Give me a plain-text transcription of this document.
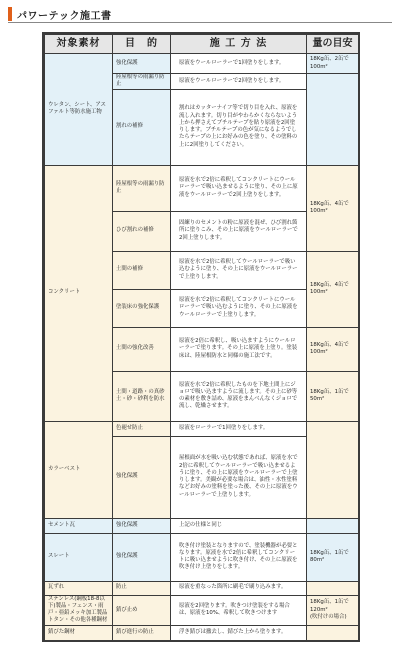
パワーテック施工書
対象素材	目　的	施 工 方 法	量の目安
ウレタン、シート、アスファルト等防水施工物	強化保護	原液をウールローラーで1回塗りをします。	18Kg缶、2缶で100m²
	陸屋根等の雨漏り防止	原液をウールローラーで2回塗りをします。	
	割れの補修	割れはカッターナイフ等で切り目を入れ、原液を流し入れます。切り目がやわらかくならないよう上から押さえてブチルテープを貼り原液を2回塗りします。ブチルテープの色が気になるようでしたらテープの上にお好みの色を塗り、その塗料の上に2回塗りしてください。	
コンクリート	陸屋根等の雨漏り防止	原液を水で2倍に希釈してコンクリートにウールローラーで吸い込ませるように塗り、その上に原液をウールローラーで2回上塗りをします。	18Kg缶、4缶で100m²
	ひび割れの補修	固練りのセメントの粉に原液を混ぜ、ひび割れ箇所に塗りこみ、その上に原液をウールローラーで2回上塗りします。	
	土間の補修	原液を水で2倍に希釈してウールローラーで吸い込むように塗り、その上に原液をウールローラーで上塗りします。	18Kg缶、4缶で100m²
	塗装床の強化保護	原液を水で2倍に希釈してコンクリートにウールローラーで吸い込むように塗り、その上に原液をウールローラーで上塗りします。	
	土間の強化改善	原液を2倍に希釈し、吸い込ますようにウールローラーで塗ります。その上に原液を上塗り。塗装床は、陸屋根防水と同様の施工法です。	18Kg缶、4缶で100m²
	土間・道路・の真砂土・砂・砂利を防水	原液を水で2倍に希釈したものを下地土間上にジョロで吸い込ますように流します。その上に砂等の素材を敷き詰め、原液をまんべんなくジョロで流し、乾燥させます。	18Kg缶、1缶で50m²
カラーベスト	色褪せ防止	原液をローラーで1回塗りをします。	
	強化保護	屋根面が水を吸い込む状態であれば、原液を水で2倍に希釈してウールローラーで吸い込ませるように塗り、その上に原液をウールローラーで上塗りします。美観が必要な場合は、油性・水性塗料などお好みの塗料を塗った後、その上に原液をウールローラーで上塗りします。	
セメント瓦	強化保護	上記の仕様と同じ	
スレート	強化保護	吹き付け塗装となりますので、塗装機器が必要となります。原液を水で2倍に希釈してコンクリートに吸い込ませように吹き付け、その上に原液を吹き付け上塗りをします。	18Kg缶、1缶で80m²
瓦ずれ	防止	原液を重なった箇所に刷毛で刷り込みます。	
ステンレス(鋼板18-8以下)製品・フェンス・雨戸・亜鉛メッキ加工製品トタン・その他各種鋼材	錆び止め	原液を2回塗ります。吹きつけ塗装をする場合は、原液を10%、希釈して吹きつけます	18Kg缶、1缶で120m²
(吹付けの場合)
錆びた鋼材	錆び進行の防止	浮き錆びは撤去し、錆びた上から塗ります。	
